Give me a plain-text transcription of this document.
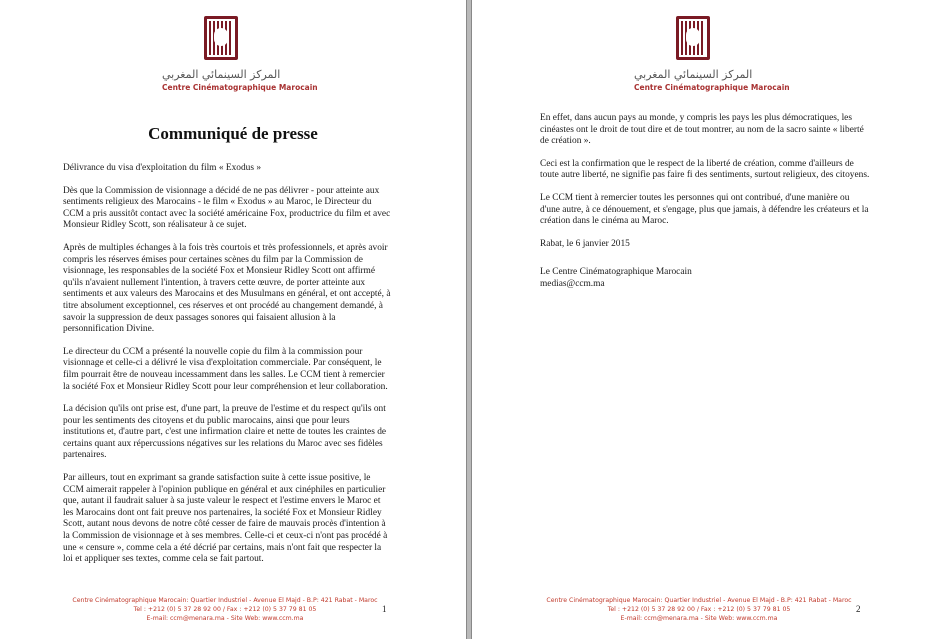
المركز السينمائي المغربي
Centre Cinématographique Marocain
Communiqué de presse

Délivrance du visa d'exploitation du film « Exodus »

Dès que la Commission de visionnage a décidé de ne pas délivrer - pour atteinte aux sentiments religieux des Marocains - le film « Exodus » au Maroc, le Directeur du CCM a pris aussitôt contact avec la société américaine Fox, productrice du film et avec Monsieur Ridley Scott, son réalisateur à ce sujet.

Après de multiples échanges à la fois très courtois et très professionnels, et après avoir compris les réserves émises pour certaines scènes du film par la Commission de visionnage, les responsables de la société Fox et Monsieur Ridley Scott ont affirmé qu'ils n'avaient nullement l'intention, à travers cette œuvre, de porter atteinte aux sentiments et aux valeurs des Marocains et des Musulmans en général, et ont accepté, à titre absolument exceptionnel, ces réserves et ont procédé au changement demandé, à savoir la suppression de deux passages sonores qui faisaient allusion à la personnification Divine.

Le directeur du CCM a présenté la nouvelle copie du film à la commission pour visionnage et celle-ci a délivré le visa d'exploitation commerciale. Par conséquent, le film pourrait être de nouveau incessamment dans les salles. Le CCM tient à remercier la société Fox et Monsieur Ridley Scott pour leur compréhension et leur collaboration.

La décision qu'ils ont prise est, d'une part, la preuve de l'estime et du respect qu'ils ont pour les sentiments des citoyens et du public marocains, ainsi que pour leurs institutions et, d'autre part, c'est une infirmation claire et nette de toutes les craintes de certains quant aux répercussions négatives sur les relations du Maroc avec ses fidèles partenaires.

Par ailleurs, tout en exprimant sa grande satisfaction suite à cette issue positive, le CCM aimerait rappeler à l'opinion publique en général et aux cinéphiles en particulier que, autant il faudrait saluer à sa juste valeur le respect et l'estime envers le Maroc et les Marocains dont ont fait preuve nos partenaires, la société Fox et Monsieur Ridley Scott, autant nous devons de notre côté cesser de faire de mauvais procès d'intention à la Commission de visionnage et à ses membres. Celle-ci et ceux-ci n'ont pas procédé à une « censure », comme cela a été décrié par certains, mais n'ont fait que respecter la loi et appliquer ses textes, comme cela se fait partout.

Centre Cinématographique Marocain: Quartier Industriel - Avenue El Majd - B.P: 421 Rabat - Maroc
Tel : +212 (0) 5 37 28 92 00 / Fax : +212 (0) 5 37 79 81 05
E-mail: ccm@menara.ma - Site Web: www.ccm.ma
1
المركز السينمائي المغربي
Centre Cinématographique Marocain

En effet, dans aucun pays au monde, y compris les pays les plus démocratiques, les cinéastes ont le droit de tout dire et de tout montrer, au nom de la sacro sainte « liberté de création ».

Ceci est la confirmation que le respect de la liberté de création, comme d'ailleurs de toute autre liberté, ne signifie pas faire fi des sentiments, surtout religieux, des citoyens.

Le CCM tient à remercier toutes les personnes qui ont contribué, d'une manière ou d'une autre, à ce dénouement, et s'engage, plus que jamais, à défendre les créateurs et la création dans le cinéma au Maroc.

Rabat, le 6 janvier 2015

Le Centre Cinématographique Marocain
medias@ccm.ma
Centre Cinématographique Marocain: Quartier Industriel - Avenue El Majd - B.P: 421 Rabat - Maroc
Tel : +212 (0) 5 37 28 92 00 / Fax : +212 (0) 5 37 79 81 05
E-mail: ccm@menara.ma - Site Web: www.ccm.ma
2
